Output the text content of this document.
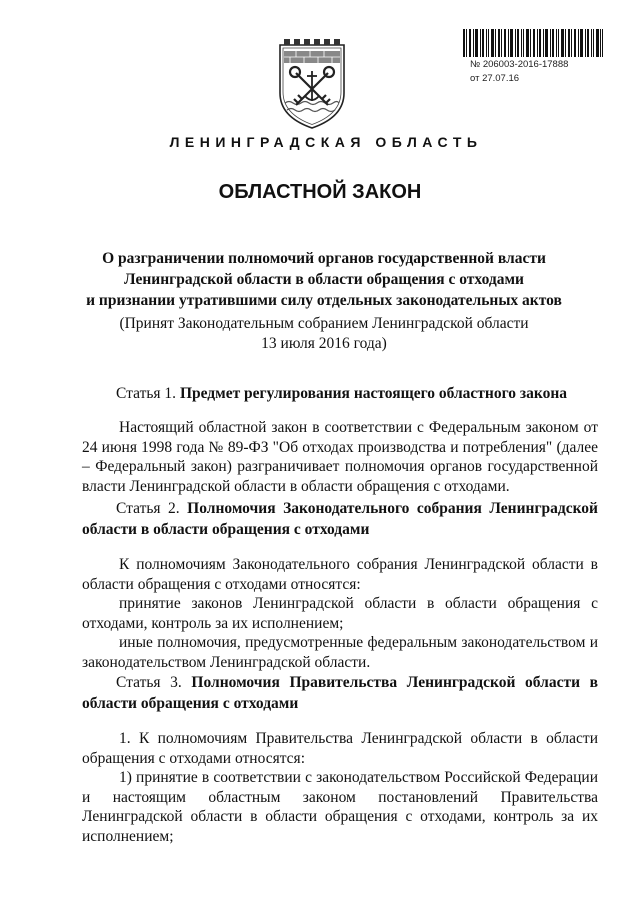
№ 206003-2016-17888
от 27.07.16
ЛЕНИНГРАДСКАЯ ОБЛАСТЬ
ОБЛАСТНОЙ ЗАКОН
О разграничении полномочий органов государственной власти
Ленинградской области в области обращения с отходами
и признании утратившими силу отдельных законодательных актов
(Принят Законодательным собранием Ленинградской области
13 июля 2016 года)
Статья 1. Предмет регулирования настоящего областного закона

Настоящий областной закон в соответствии с Федеральным законом от 24 июня 1998 года № 89-ФЗ "Об отходах производства и потребления" (далее – Федеральный закон) разграничивает полномочия органов государственной власти Ленинградской области в области обращения с отходами.

Статья 2. Полномочия Законодательного собрания Ленинградской области в области обращения с отходами

К полномочиям Законодательного собрания Ленинградской области в области обращения с отходами относятся:

принятие законов Ленинградской области в области обращения с отходами, контроль за их исполнением;

иные полномочия, предусмотренные федеральным законодательством и законодательством Ленинградской области.

Статья 3. Полномочия Правительства Ленинградской области в области обращения с отходами

1. К полномочиям Правительства Ленинградской области в области обращения с отходами относятся:

1) принятие в соответствии с законодательством Российской Федерации и настоящим областным законом постановлений Правительства Ленинградской области в области обращения с отходами, контроль за их исполнением;
